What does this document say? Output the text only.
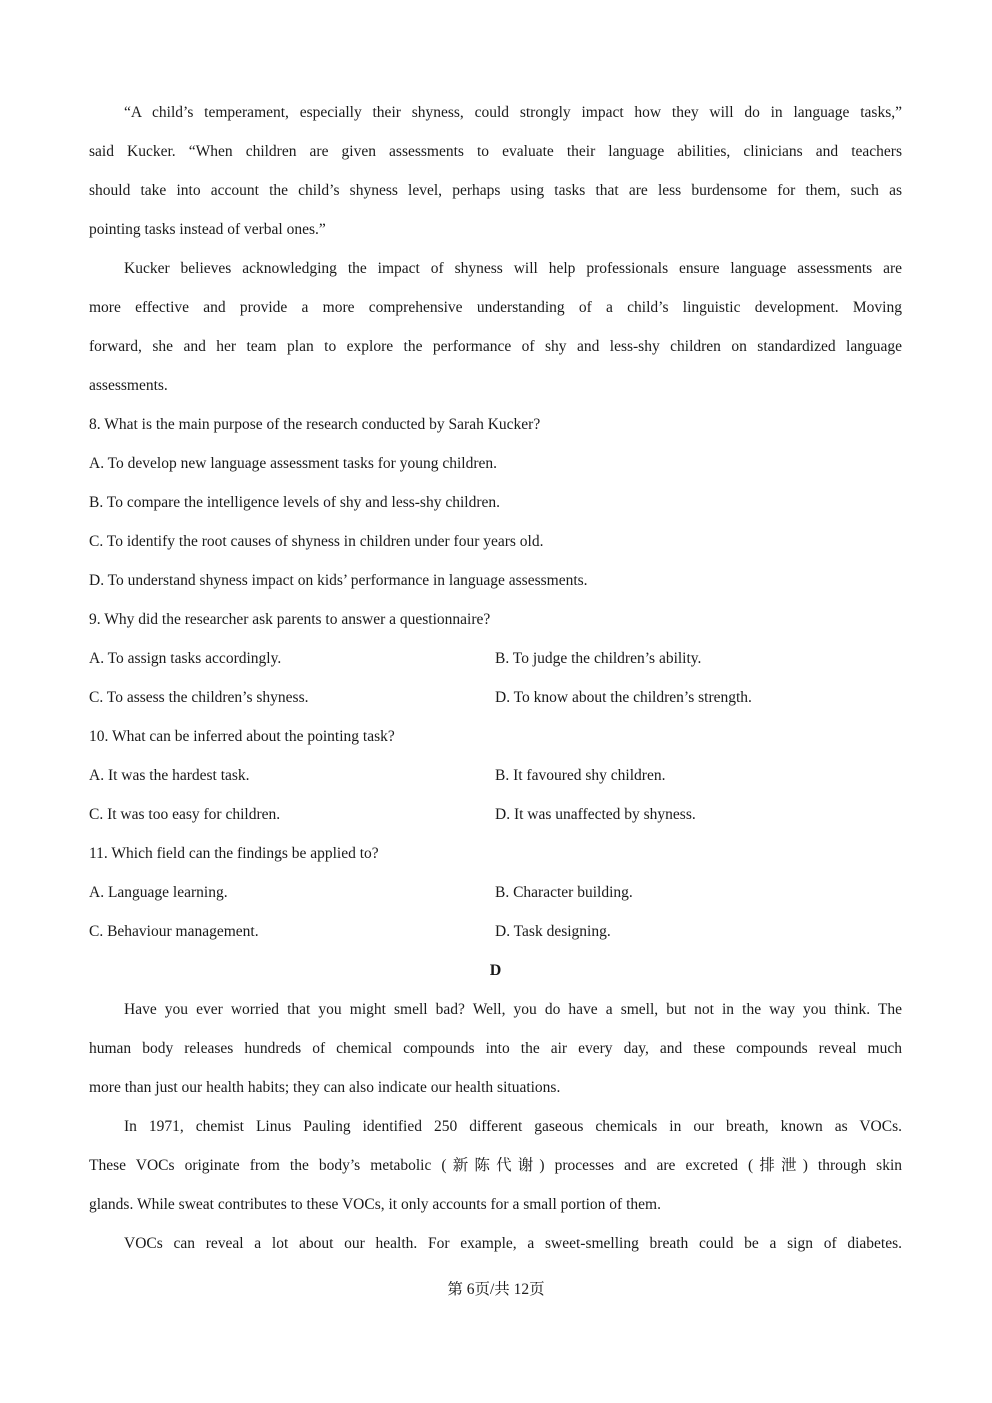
“A child’s temperament, especially their shyness, could strongly impact how they will do in language tasks,”
said Kucker. “When children are given assessments to evaluate their language abilities, clinicians and teachers
should take into account the child’s shyness level, perhaps using tasks that are less burdensome for them, such as
pointing tasks instead of verbal ones.”
Kucker believes acknowledging the impact of shyness will help professionals ensure language assessments are
more effective and provide a more comprehensive understanding of a child’s linguistic development. Moving
forward, she and her team plan to explore the performance of shy and less-shy children on standardized language
assessments.
8. What is the main purpose of the research conducted by Sarah Kucker?
A. To develop new language assessment tasks for young children.
B. To compare the intelligence levels of shy and less-shy children.
C. To identify the root causes of shyness in children under four years old.
D. To understand shyness impact on kids’ performance in language assessments.
9. Why did the researcher ask parents to answer a questionnaire?
A. To assign tasks accordingly.	B. To judge the children’s ability.
C. To assess the children’s shyness.	D. To know about the children’s strength.
10. What can be inferred about the pointing task?
A. It was the hardest task.	B. It favoured shy children.
C. It was too easy for children.	D. It was unaffected by shyness.
11. Which field can the findings be applied to?
A. Language learning.	B. Character building.
C. Behaviour management.	D. Task designing.
D
Have you ever worried that you might smell bad? Well, you do have a smell, but not in the way you think. The
human body releases hundreds of chemical compounds into the air every day, and these compounds reveal much
more than just our health habits; they can also indicate our health situations.
In 1971, chemist Linus Pauling identified 250 different gaseous chemicals in our breath, known as VOCs.
These VOCs originate from the body’s metabolic (新陈代谢) processes and are excreted (排泄) through skin
glands. While sweat contributes to these VOCs, it only accounts for a small portion of them.
VOCs can reveal a lot about our health. For example, a sweet-smelling breath could be a sign of diabetes.
第 6页/共 12页
